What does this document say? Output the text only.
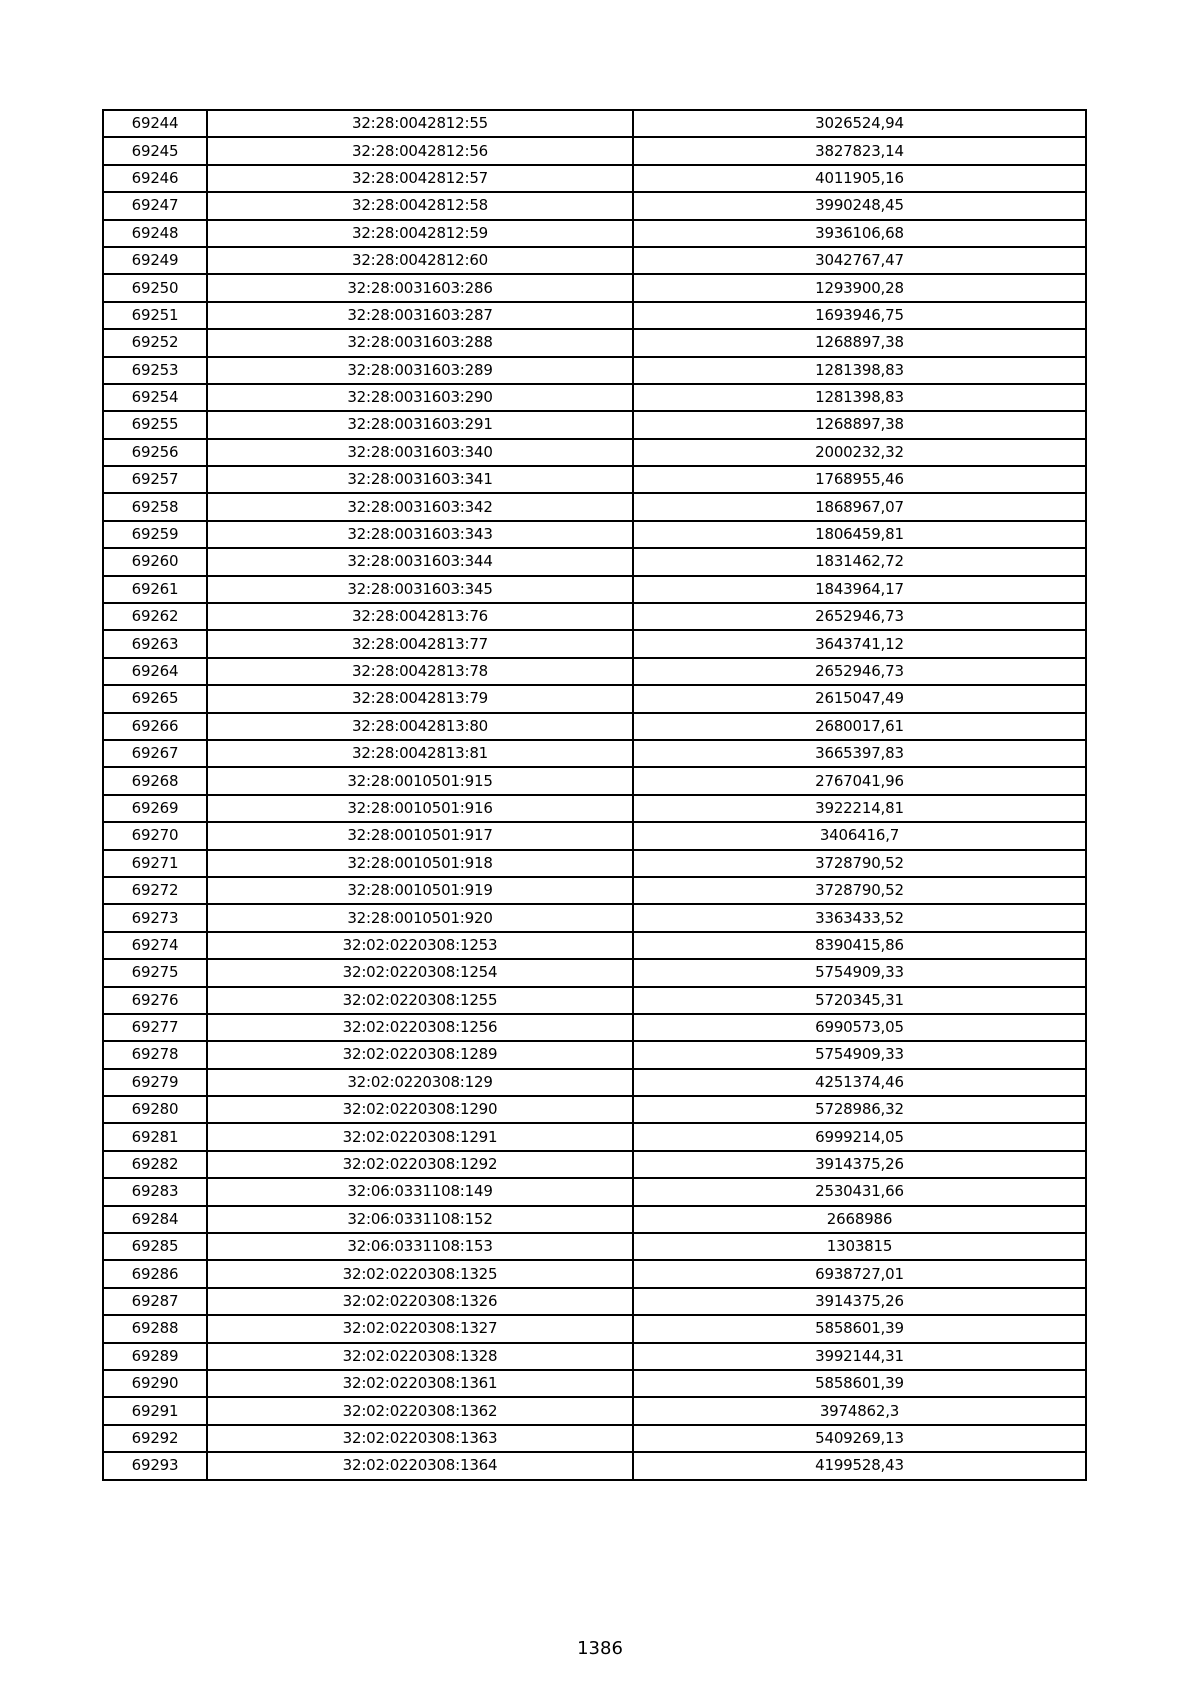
69244	32:28:0042812:55	3026524,94
69245	32:28:0042812:56	3827823,14
69246	32:28:0042812:57	4011905,16
69247	32:28:0042812:58	3990248,45
69248	32:28:0042812:59	3936106,68
69249	32:28:0042812:60	3042767,47
69250	32:28:0031603:286	1293900,28
69251	32:28:0031603:287	1693946,75
69252	32:28:0031603:288	1268897,38
69253	32:28:0031603:289	1281398,83
69254	32:28:0031603:290	1281398,83
69255	32:28:0031603:291	1268897,38
69256	32:28:0031603:340	2000232,32
69257	32:28:0031603:341	1768955,46
69258	32:28:0031603:342	1868967,07
69259	32:28:0031603:343	1806459,81
69260	32:28:0031603:344	1831462,72
69261	32:28:0031603:345	1843964,17
69262	32:28:0042813:76	2652946,73
69263	32:28:0042813:77	3643741,12
69264	32:28:0042813:78	2652946,73
69265	32:28:0042813:79	2615047,49
69266	32:28:0042813:80	2680017,61
69267	32:28:0042813:81	3665397,83
69268	32:28:0010501:915	2767041,96
69269	32:28:0010501:916	3922214,81
69270	32:28:0010501:917	3406416,7
69271	32:28:0010501:918	3728790,52
69272	32:28:0010501:919	3728790,52
69273	32:28:0010501:920	3363433,52
69274	32:02:0220308:1253	8390415,86
69275	32:02:0220308:1254	5754909,33
69276	32:02:0220308:1255	5720345,31
69277	32:02:0220308:1256	6990573,05
69278	32:02:0220308:1289	5754909,33
69279	32:02:0220308:129	4251374,46
69280	32:02:0220308:1290	5728986,32
69281	32:02:0220308:1291	6999214,05
69282	32:02:0220308:1292	3914375,26
69283	32:06:0331108:149	2530431,66
69284	32:06:0331108:152	2668986
69285	32:06:0331108:153	1303815
69286	32:02:0220308:1325	6938727,01
69287	32:02:0220308:1326	3914375,26
69288	32:02:0220308:1327	5858601,39
69289	32:02:0220308:1328	3992144,31
69290	32:02:0220308:1361	5858601,39
69291	32:02:0220308:1362	3974862,3
69292	32:02:0220308:1363	5409269,13
69293	32:02:0220308:1364	4199528,43
1386
